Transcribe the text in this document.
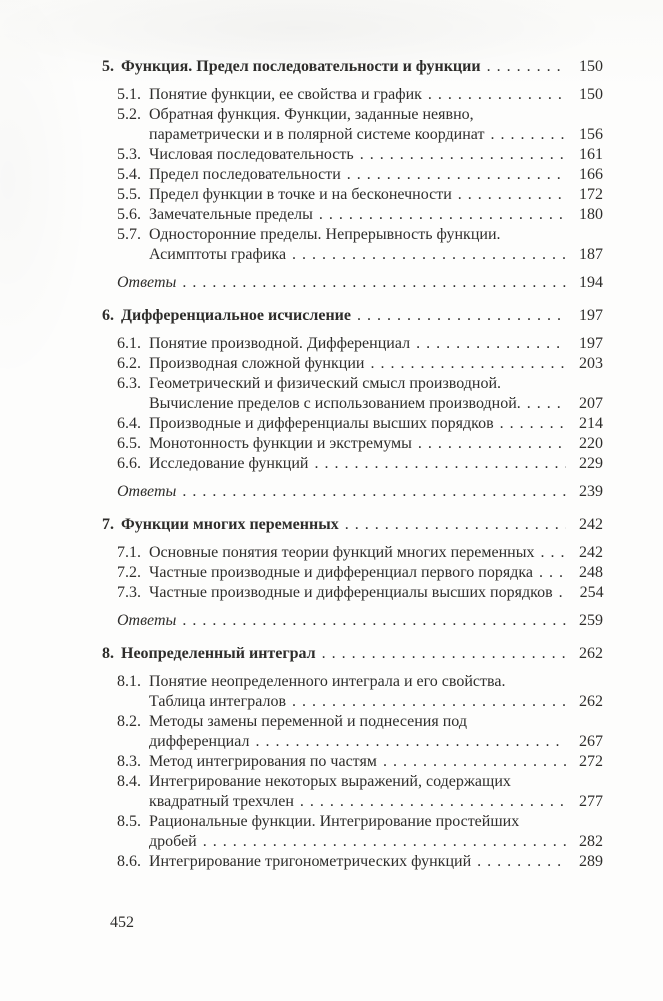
5. Функция. Предел последовательности и функции . . .	150
5.1. Понятие функции, ее свойства и график . . .	150
5.2. Обратная функция. Функции, заданные неявно,
параметрически и в полярной системе координат . . .	156
5.3. Числовая последовательность . . .	161
5.4. Предел последовательности . . .	166
5.5. Предел функции в точке и на бесконечности . . .	172
5.6. Замечательные пределы . . .	180
5.7. Односторонние пределы. Непрерывность функции.
Асимптоты графика . . .	187
Ответы . . .	194
6. Дифференциальное исчисление . . .	197
6.1. Понятие производной. Дифференциал . . .	197
6.2. Производная сложной функции . . .	203
6.3. Геометрический и физический смысл производной.
Вычисление пределов с использованием производной. . . .	207
6.4. Производные и дифференциалы высших порядков . . .	214
6.5. Монотонность функции и экстремумы . . .	220
6.6. Исследование функций . . .	229
Ответы . . .	239
7. Функции многих переменных . . .	242
7.1. Основные понятия теории функций многих переменных . . .	242
7.2. Частные производные и дифференциал первого порядка . . .	248
7.3. Частные производные и дифференциалы высших порядков . . . 254
Ответы . . .	259
8. Неопределенный интеграл . . .	262
8.1. Понятие неопределенного интеграла и его свойства.
Таблица интегралов . . .	262
8.2. Методы замены переменной и поднесения под
дифференциал . . .	267
8.3. Метод интегрирования по частям . . .	272
8.4. Интегрирование некоторых выражений, содержащих
квадратный трехчлен . . .	277
8.5. Рациональные функции. Интегрирование простейших
дробей . . .	282
8.6. Интегрирование тригонометрических функций . . .	289
452
